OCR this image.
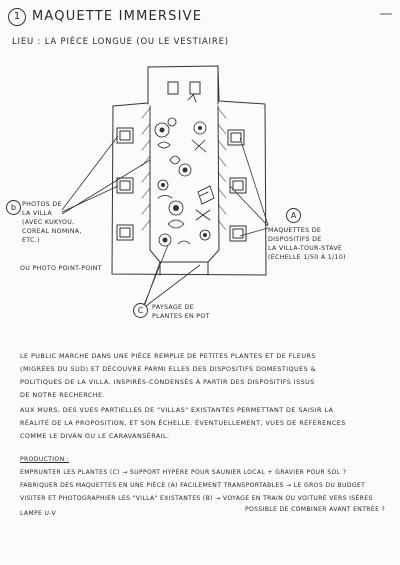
1 MAQUETTE IMMERSIVE
LIEU : LA PIÈCE LONGUE (OU LE VESTIAIRE)
b
A
C
PHOTOS DE
LA VILLA
(AVEC KUKYOU,
COREAL NOMINA,
ETC.)
OU PHOTO POINT-POINT
MAQUETTES DE
DISPOSITIFS DE
LA VILLA-TOUR-STAVE
(ÉCHELLE 1/50 À 1/10)
PAYSAGE DE
PLANTES EN POT
LE PUBLIC MARCHE DANS UNE PIÈCE REMPLIE DE PETITES PLANTES ET DE FLEURS
(MIGRÉES DU SUD) ET DÉCOUVRE PARMI ELLES DES DISPOSITIFS DOMESTIQUES &
POLITIQUES DE LA VILLA, INSPIRÉS-CONDENSÉS À PARTIR DES DISPOSITIFS ISSUS
DE NOTRE RECHERCHE.
AUX MURS, DES VUES PARTIELLES DE "VILLAS" EXISTANTES PERMETTANT DE SAISIR LA
RÉALITÉ DE LA PROPOSITION, ET SON ÉCHELLE. ÉVENTUELLEMENT, VUES DE RÉFÉRENCES
COMME LE DIVAN OU LE CARAVANSÉRAIL.
PRODUCTION :
EMPRUNTER LES PLANTES (C) → SUPPORT HYPÈRE POUR SAUNIER LOCAL + GRAVIER POUR SOL ?
FABRIQUER DES MAQUETTES EN UNE PIÈCE (A) FACILEMENT TRANSPORTABLES → LE GROS DU BUDGET
VISITER ET PHOTOGRAPHIER LES "VILLA" EXISTANTES (B) → VOYAGE EN TRAIN OU VOITURE VERS ISÈRES
POSSIBLE DE COMBINER AVANT ENTRÉE ?
LAMPE U-V
